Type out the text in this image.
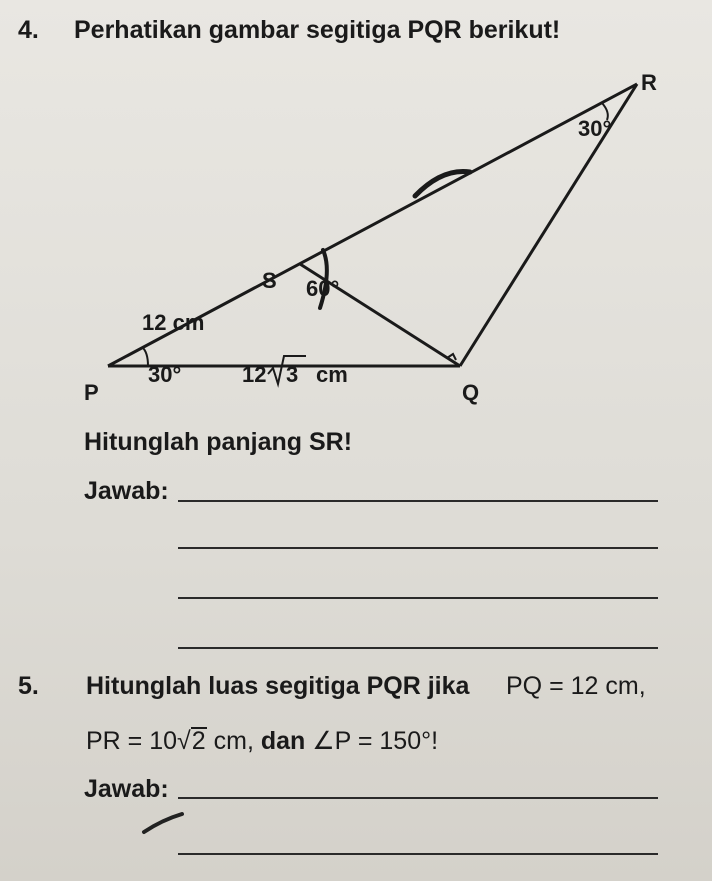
4. Perhatikan gambar segitiga PQR berikut!
P	Q
R
S
30°
60°
30°
12 cm
12 3 cm
Hitunglah panjang SR!
Jawab:
5. Hitunglah luas segitiga PQR jika PQ = 12 cm,
PR = 10√2 cm, dan ∠P = 150°!
Jawab:
